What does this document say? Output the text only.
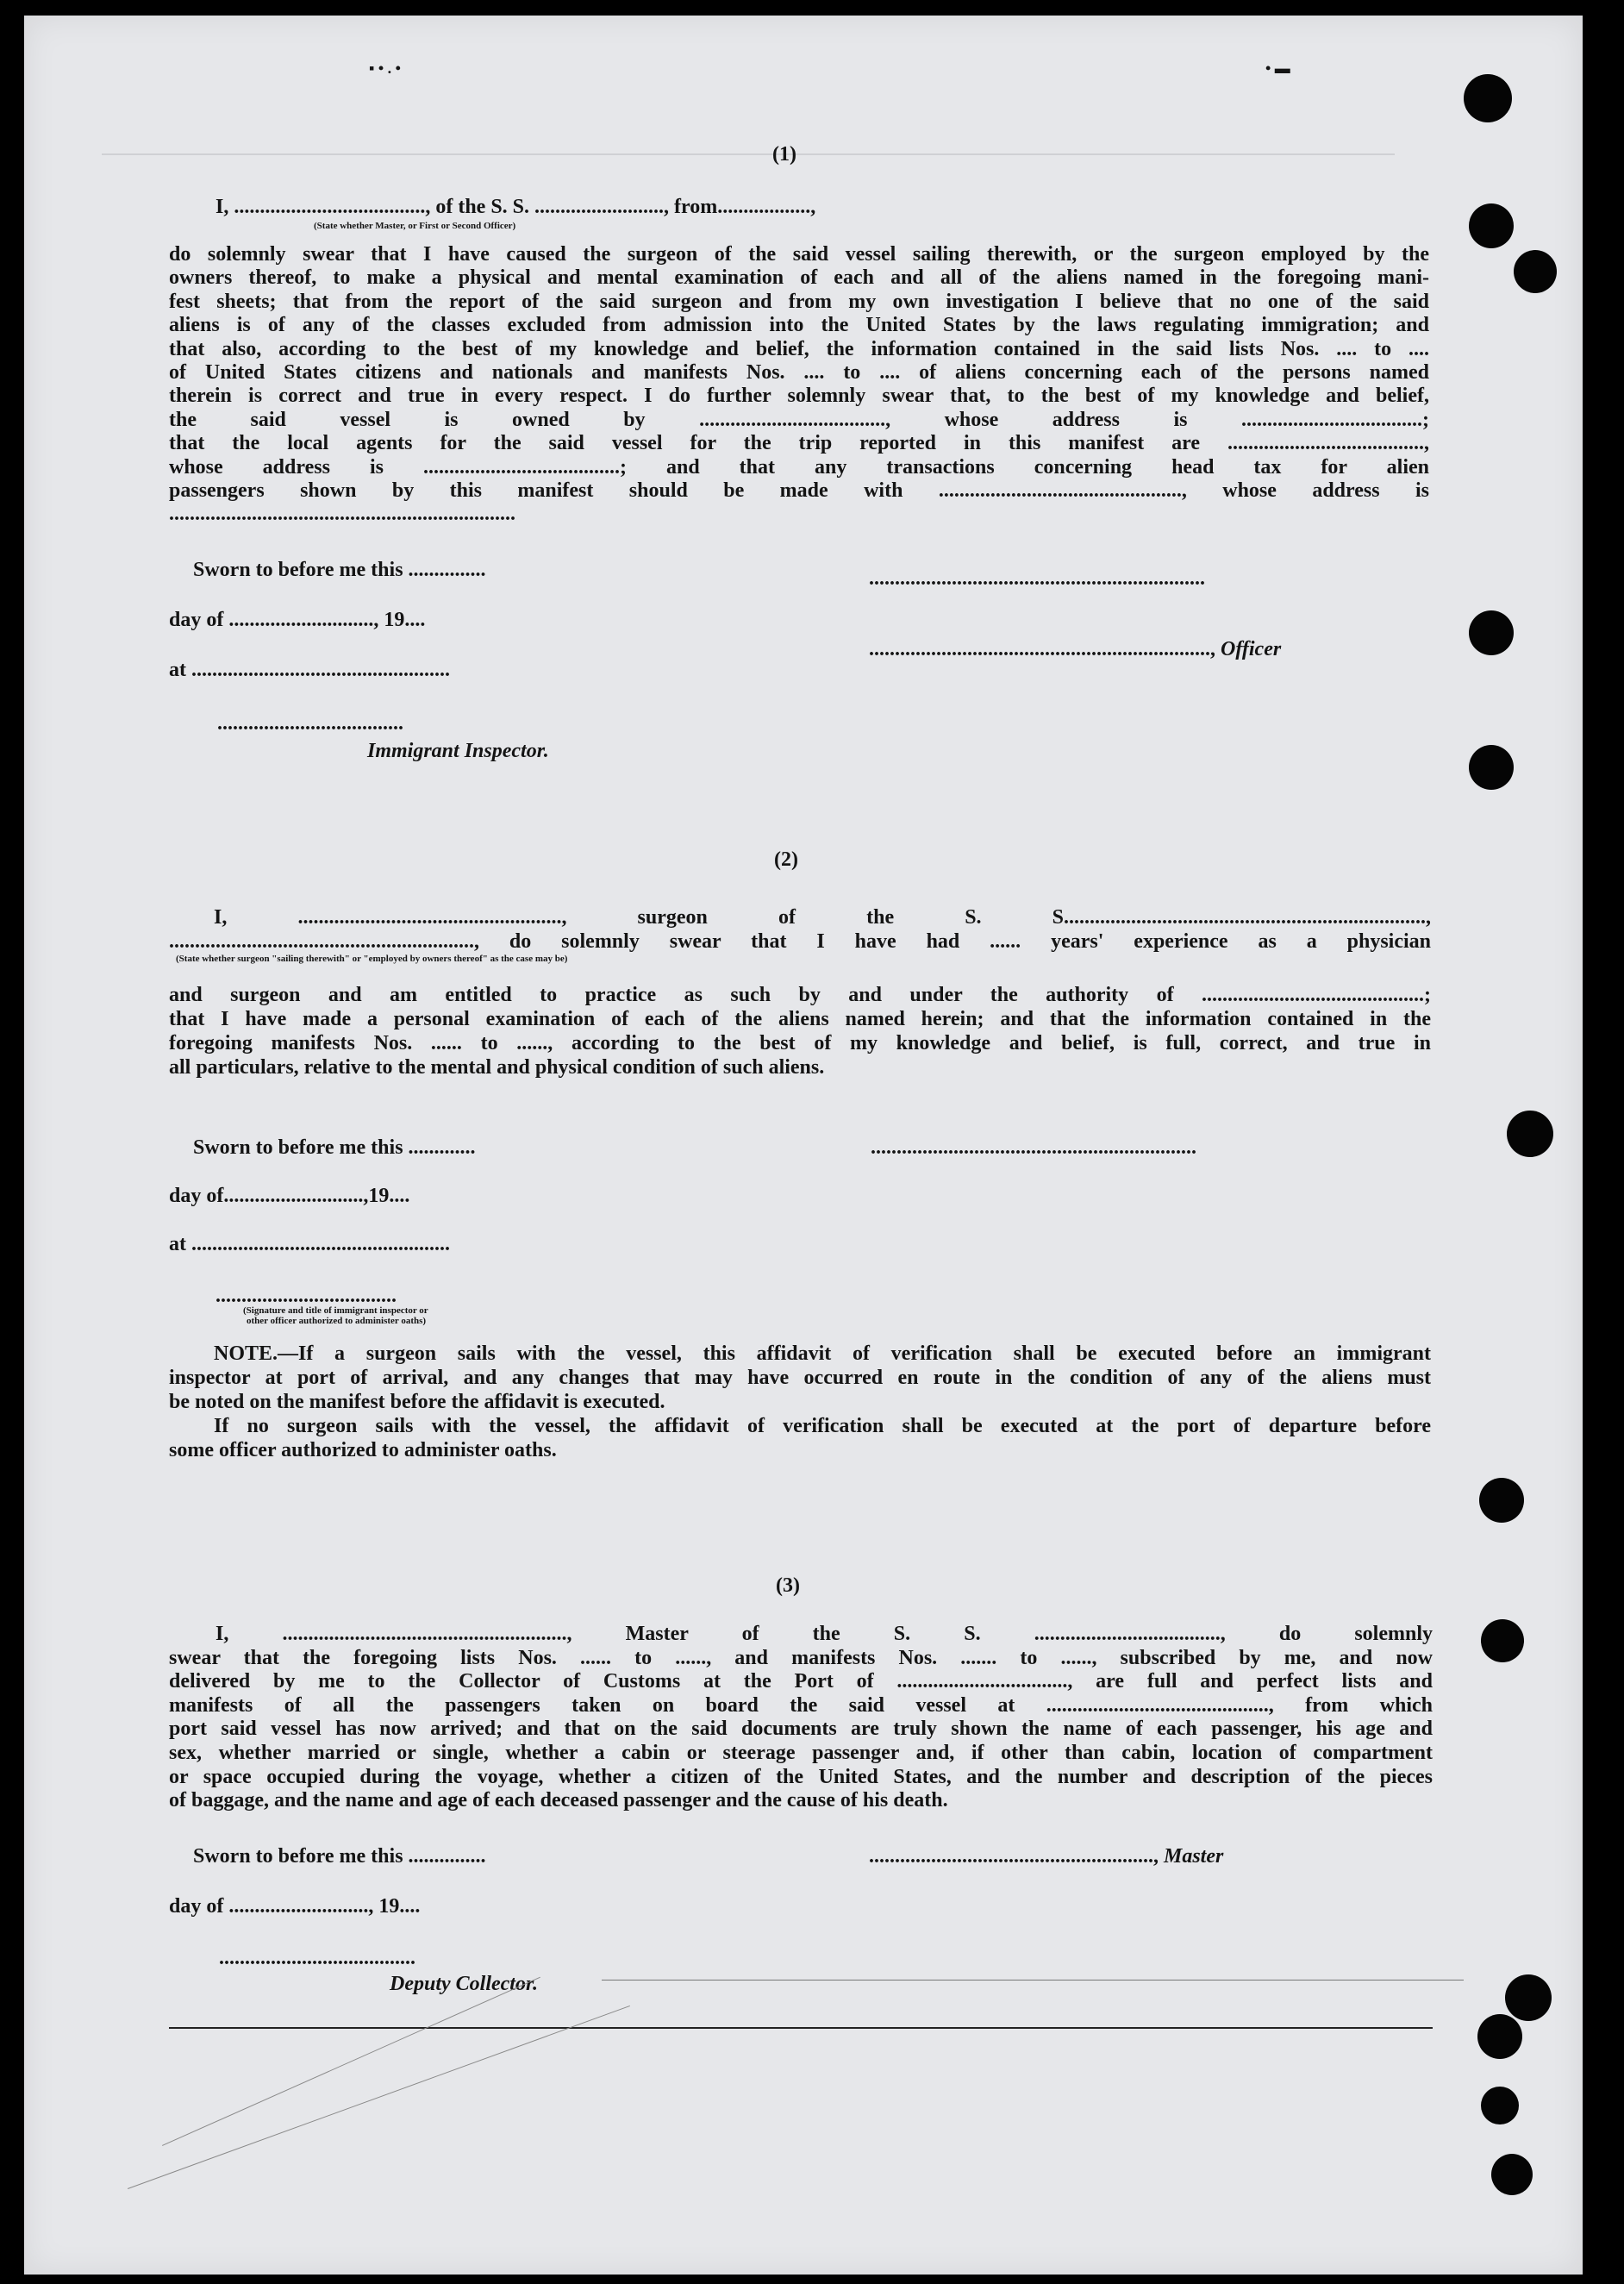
▪ • . •	• ▬
(1)
I, ....................................., of the S. S. ........................., from..................,
(State whether Master, or First or Second Officer)
do solemnly swear that I have caused the surgeon of the said vessel sailing therewith, or the surgeon employed by the
owners thereof, to make a physical and mental examination of each and all of the aliens named in the foregoing mani-
fest sheets; that from the report of the said surgeon and from my own investigation I believe that no one of the said
aliens is of any of the classes excluded from admission into the United States by the laws regulating immigration; and
that also, according to the best of my knowledge and belief, the information contained in the said lists Nos. .... to ....
of United States citizens and nationals and manifests Nos. .... to .... of aliens concerning each of the persons named
therein is correct and true in every respect. I do further solemnly swear that, to the best of my knowledge and belief,
the said vessel is owned by ...................................., whose address is ...................................;
that the local agents for the said vessel for the trip reported in this manifest are ......................................,
whose address is ......................................; and that any transactions concerning head tax for alien
passengers shown by this manifest should be made with ..............................................., whose address is
...................................................................
Sworn to before me this ...............	.................................................................
day of ............................, 19....
.................................................................., Officer
at ..................................................
....................................
Immigrant Inspector.
(2)
I, ..................................................., surgeon of the S. S......................................................................,
..........................................................., do solemnly swear that I have had ...... years' experience as a physician
(State whether surgeon "sailing therewith" or "employed by owners thereof" as the case may be)
and surgeon and am entitled to practice as such by and under the authority of ...........................................;
that I have made a personal examination of each of the aliens named herein; and that the information contained in the
foregoing manifests Nos. ...... to ......, according to the best of my knowledge and belief, is full, correct, and true in
all particulars, relative to the mental and physical condition of such aliens.
Sworn to before me this .............	...............................................................
day of...........................,19....
at ..................................................
...................................
(Signature and title of immigrant inspector or
other officer authorized to administer oaths)
NOTE.—If a surgeon sails with the vessel, this affidavit of verification shall be executed before an immigrant
inspector at port of arrival, and any changes that may have occurred en route in the condition of any of the aliens must
be noted on the manifest before the affidavit is executed.
If no surgeon sails with the vessel, the affidavit of verification shall be executed at the port of departure before
some officer authorized to administer oaths.
(3)
I, ......................................................., Master of the S. S. ...................................., do solemnly
swear that the foregoing lists Nos. ...... to ......, and manifests Nos. ....... to ......, subscribed by me, and now
delivered by me to the Collector of Customs at the Port of ................................., are full and perfect lists and
manifests of all the passengers taken on board the said vessel at ..........................................., from which
port said vessel has now arrived; and that on the said documents are truly shown the name of each passenger, his age and
sex, whether married or single, whether a cabin or steerage passenger and, if other than cabin, location of compartment
or space occupied during the voyage, whether a citizen of the United States, and the number and description of the pieces
of baggage, and the name and age of each deceased passenger and the cause of his death.
Sworn to before me this ...............	......................................................., Master
day of ..........................., 19....
......................................
Deputy Collector.
